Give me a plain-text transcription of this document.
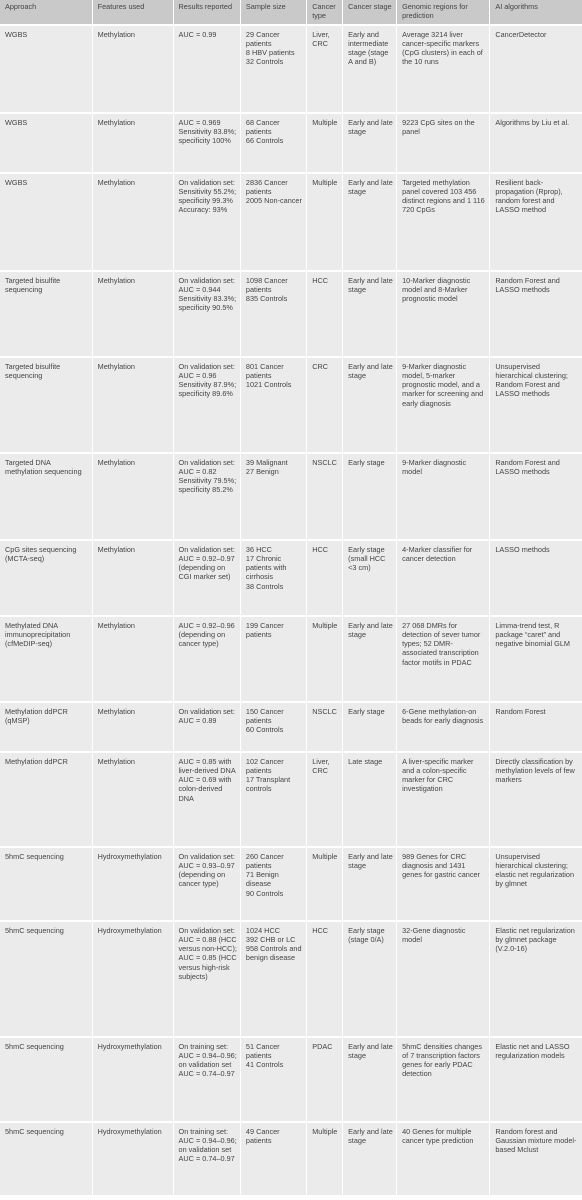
Approach	Features used	Results reported	Sample size	Cancer type	Cancer stage	Genomic regions for prediction	AI algorithms
WGBS	Methylation	AUC = 0.99	29 Cancer patients
8 HBV patients
32 Controls	Liver, CRC	Early and intermediate stage (stage A and B)	Average 3214 liver cancer-specific markers (CpG clusters) in each of the 10 runs	CancerDetector
WGBS	Methylation	AUC = 0.969
Sensitivity 83.8%;
specificity 100%	68 Cancer patients
66 Controls	Multiple	Early and late stage	9223 CpG sites on the panel	Algorithms by Liu et al.
WGBS	Methylation	On validation set:
Sensitivity 55.2%;
specificity 99.3%
Accuracy: 93%	2836 Cancer patients
2005 Non-cancer	Multiple	Early and late stage	Targeted methylation panel covered 103 456 distinct regions and 1 116 720 CpGs	Resilient back-propagation (Rprop), random forest and LASSO method
Targeted bisulfite sequencing	Methylation	On validation set: AUC = 0.944
Sensitivity 83.3%;
specificity 90.5%	1098 Cancer patients
835 Controls	HCC	Early and late stage	10-Marker diagnostic model and 8-Marker prognostic model	Random Forest and LASSO methods
Targeted bisulfite sequencing	Methylation	On validation set: AUC = 0.96
Sensitivity 87.9%;
specificity 89.6%	801 Cancer patients
1021 Controls	CRC	Early and late stage	9-Marker diagnostic model, 5-marker prognostic model, and a marker for screening and early diagnosis	Unsupervised hierarchical clustering; Random Forest and LASSO methods
Targeted DNA methylation sequencing	Methylation	On validation set: AUC = 0.82
Sensitivity 79.5%;
specificity 85.2%	39 Malignant
27 Benign	NSCLC	Early stage	9-Marker diagnostic model	Random Forest and LASSO methods
CpG sites sequencing (MCTA-seq)	Methylation	On validation set: AUC = 0.92–0.97 (depending on CGI marker set)	36 HCC
17 Chronic patients with cirrhosis
38 Controls	HCC	Early stage (small HCC <3 cm)	4-Marker classifier for cancer detection	LASSO methods
Methylated DNA immunoprecipitation (cfMeDIP-seq)	Methylation	AUC = 0.92–0.96 (depending on cancer type)	199 Cancer patients	Multiple	Early and late stage	27 068 DMRs for detection of sever tumor types; 52 DMR-associated transcription factor motifs in PDAC	Limma-trend test, R package “caret” and negative binomial GLM
Methylation ddPCR (qMSP)	Methylation	On validation set: AUC = 0.89	150 Cancer patients
60 Controls	NSCLC	Early stage	6-Gene methylation-on beads for early diagnosis	Random Forest
Methylation ddPCR	Methylation	AUC = 0.85 with liver-derived DNA
AUC = 0.69 with colon-derived DNA	102 Cancer patients
17 Transplant controls	Liver, CRC	Late stage	A liver-specific marker and a colon-specific marker for CRC investigation	Directly classification by methylation levels of few markers
5hmC sequencing	Hydroxymethylation	On validation set: AUC = 0.93–0.97 (depending on cancer type)	260 Cancer patients
71 Benign disease
90 Controls	Multiple	Early and late stage	989 Genes for CRC diagnosis and 1431 genes for gastric cancer	Unsupervised hierarchical clustering; elastic net regularization by glmnet
5hmC sequencing	Hydroxymethylation	On validation set: AUC = 0.88 (HCC versus non-HCC); AUC = 0.85 (HCC versus high-risk subjects)	1024 HCC
392 CHB or LC
958 Controls and benign disease	HCC	Early stage (stage 0/A)	32-Gene diagnostic model	Elastic net regularization by glmnet package (V.2.0-16)
5hmC sequencing	Hydroxymethylation	On training set: AUC = 0.94–0.96; on validation set AUC = 0.74–0.97	51 Cancer patients
41 Controls	PDAC	Early and late stage	5hmC densities changes of 7 transcription factors genes for early PDAC detection	Elastic net and LASSO regularization models
5hmC sequencing	Hydroxymethylation	On training set: AUC = 0.94–0.96; on validation set AUC = 0.74–0.97	49 Cancer patients	Multiple	Early and late stage	40 Genes for multiple cancer type prediction	Random forest and Gaussian mixture model-based Mclust
